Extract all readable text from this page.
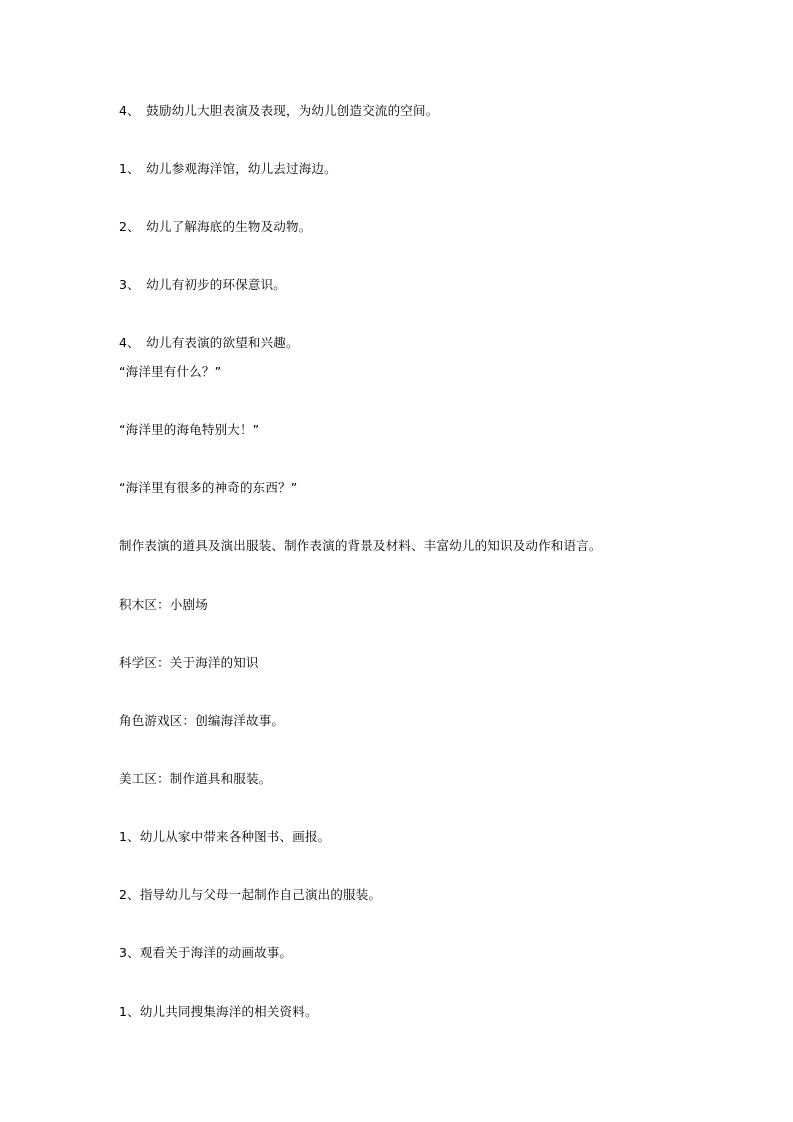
4、　鼓励幼儿大胆表演及表现，为幼儿创造交流的空间。
1、　幼儿参观海洋馆，幼儿去过海边。
2、　幼儿了解海底的生物及动物。
3、　幼儿有初步的环保意识。
4、　幼儿有表演的欲望和兴趣。
“海洋里有什么？”
“海洋里的海龟特别大！”
“海洋里有很多的神奇的东西？”
制作表演的道具及演出服装、制作表演的背景及材料、丰富幼儿的知识及动作和语言。
积木区：小剧场
科学区：关于海洋的知识
角色游戏区：创编海洋故事。
美工区：制作道具和服装。
1、幼儿从家中带来各种图书、画报。
2、指导幼儿与父母一起制作自己演出的服装。
3、观看关于海洋的动画故事。
1、幼儿共同搜集海洋的相关资料。
